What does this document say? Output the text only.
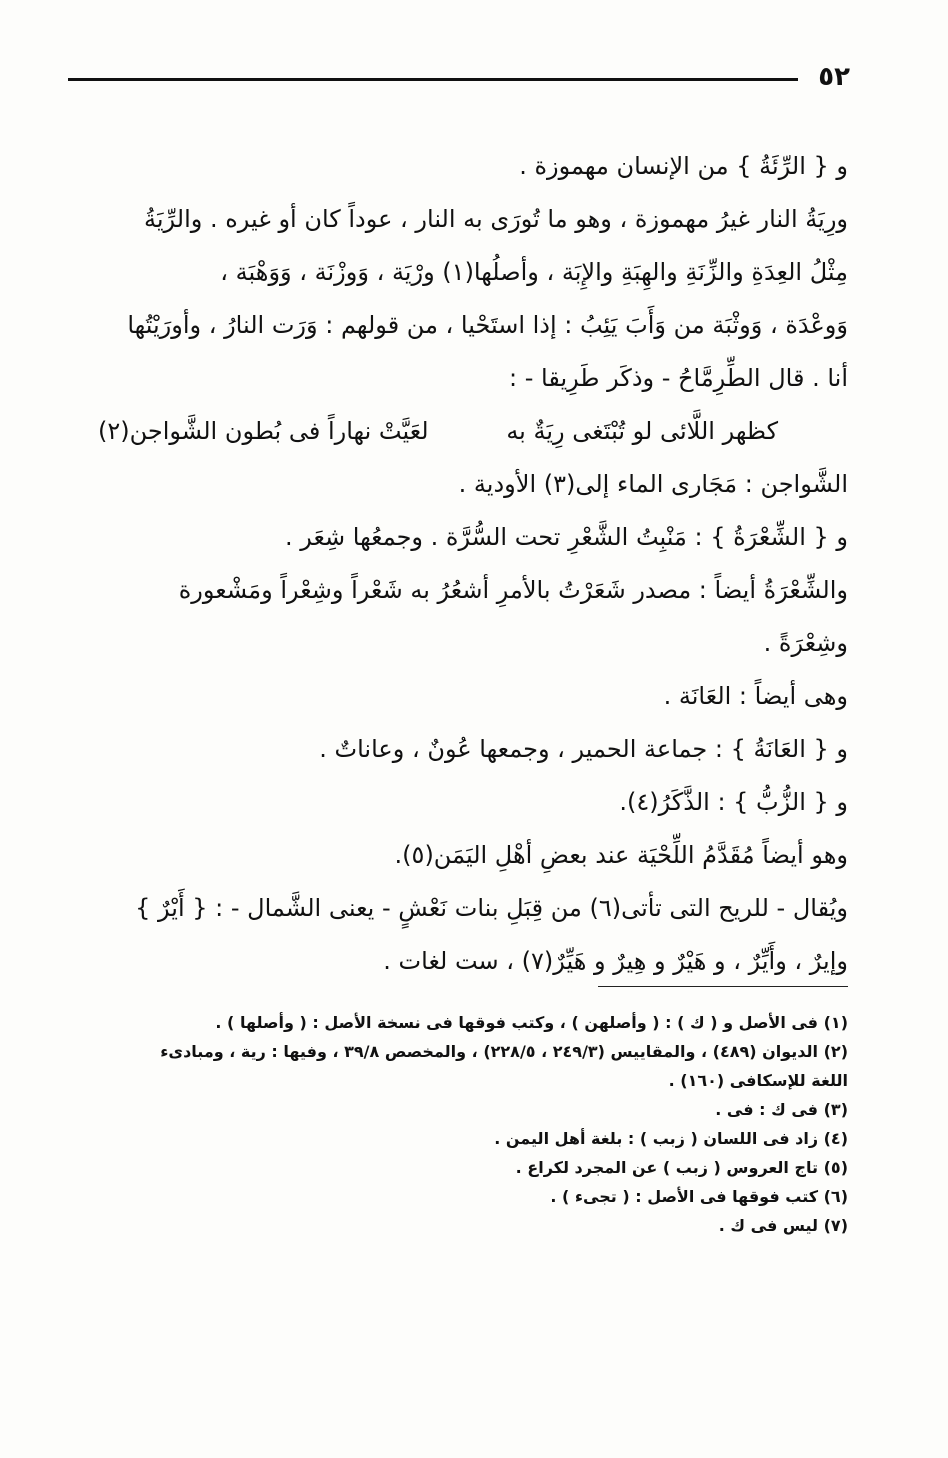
٥٢
و { الرِّئَةُ } من الإنسان مهموزة .
ورِيَةُ النار غيرُ مهموزة ، وهو ما تُورَى به النار ، عوداً كان أو غيره . والرِّيَةُ
مِثْلُ العِدَةِ والزِّنَةِ والهِبَةِ والإِبَة ، وأصلُها(١) ورْيَة ، وَوزْنَة ، وَوَهْبَة ،
وَوعْدَة ، وَوثْبَة من وَأَبَ يَئِبُ : إذا استَحْيا ، من قولهم : وَرَت النارُ ، وأورَيْتُها
أنا . قال الطِّرِمَّاحُ - وذكَر طَرِيقا - :
كظهر اللَّائى لو تُبْتَغى رِيَةٌ به
لعَيَّتْ نهاراً فى بُطون الشَّواجن(٢)
الشَّواجن : مَجَارى الماء إلى(٣) الأودية .
و { الشِّعْرَةُ } : مَنْبِتُ الشَّعْرِ تحت السُّرَّة . وجمعُها شِعَر .
والشِّعْرَةُ أيضاً : مصدر شَعَرْتُ بالأمرِ أشعُرُ به شَعْراً وشِعْراً ومَشْعورة
وشِعْرَةً .
وهى أيضاً : العَانَة .
و { العَانَةُ } : جماعة الحمير ، وجمعها عُونٌ ، وعاناتٌ .
و { الزُّبُّ } : الذَّكَرُ(٤).
وهو أيضاً مُقَدَّمُ اللِّحْيَة عند بعضِ أهْلِ اليَمَن(٥).
ويُقال - للريح التى تأتى(٦) من قِبَلِ بنات نَعْشٍ - يعنى الشَّمال - : { أَيْرٌ }
وإيرٌ ، وأَيِّرٌ ، و هَيْرٌ و هِيرٌ و هَيِّرٌ(٧) ، ست لغات .
(١) فى الأصل و ( ك ) : ( وأصلهن ) ، وكتب فوقها فى نسخة الأصل : ( وأصلها ) .
(٢) الديوان (٤٨٩) ، والمقاييس (٢٤٩/٣ ، ٢٢٨/٥) ، والمخصص ٣٩/٨ ، وفيها : رية ، ومبادىء
اللغة للإسكافى (١٦٠) .
(٣) فى ك : فى .
(٤) زاد فى اللسان ( زبب ) : بلغة أهل اليمن .
(٥) تاج العروس ( زبب ) عن المجرد لكراع .
(٦) كتب فوقها فى الأصل : ( تجىء ) .
(٧) ليس فى ك .
